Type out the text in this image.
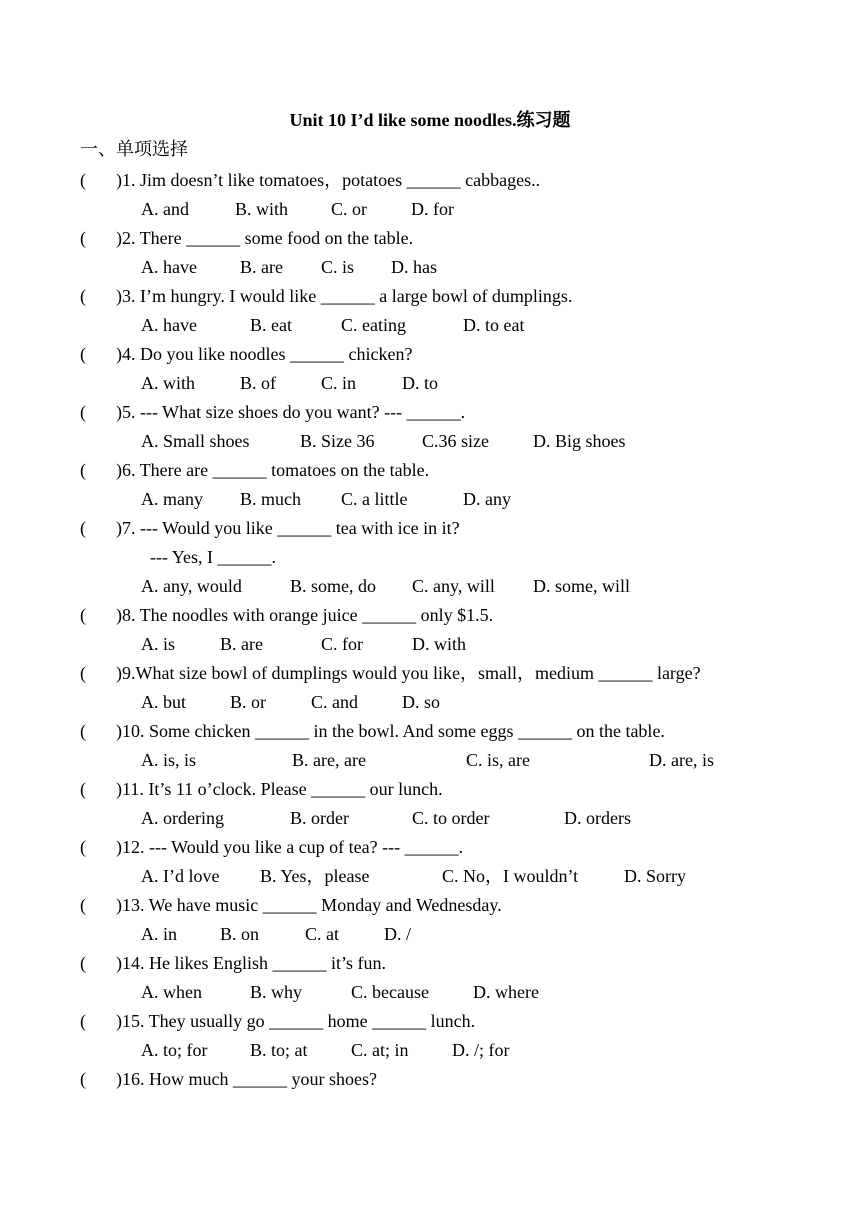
Unit 10 I’d like some noodles.练习题
一、单项选择
( )1. Jim doesn’t like tomatoes，potatoes ______ cabbages..
A. and	B. with C. or D. for
( )2. There ______ some food on the table.
A. have B. are C. is D. has
( )3. I’m hungry. I would like ______ a large bowl of dumplings.
A. have	B. eat	C. eating	D. to eat
( )4. Do you like noodles ______ chicken?
A. with	B. of	C. in	D. to
( )5. --- What size shoes do you want? --- ______.
A. Small shoes	B. Size 36	C.36 size D. Big shoes
( )6. There are ______ tomatoes on the table.
A. many B. much C. a little	D. any
( )7. --- Would you like ______ tea with ice in it?
--- Yes, I ______.
A. any, would	B. some, do C. any, will D. some, will
( )8. The noodles with orange juice ______ only $1.5.
A. is B. are	C. for	D. with
( )9.What size bowl of dumplings would you like，small，medium ______ large?
A. but B. or	C. and D. so
( )10. Some chicken ______ in the bowl. And some eggs ______ on the table.
A. is, is	B. are, are	C. is, are	D. are, is
( )11. It’s 11 o’clock. Please ______ our lunch.
A. ordering	B. order	C. to order	D. orders
( )12. --- Would you like a cup of tea? --- ______.
A. I’d love B. Yes，please	C. No，I wouldn’t	D. Sorry
( )13. We have music ______ Monday and Wednesday.
A. in B. on	C. at	D. /
( )14. He likes English ______ it’s fun.
A. when	B. why	C. because D. where
( )15. They usually go ______ home ______ lunch.
A. to; for B. to; at C. at; in D. /; for
( )16. How much ______ your shoes?
